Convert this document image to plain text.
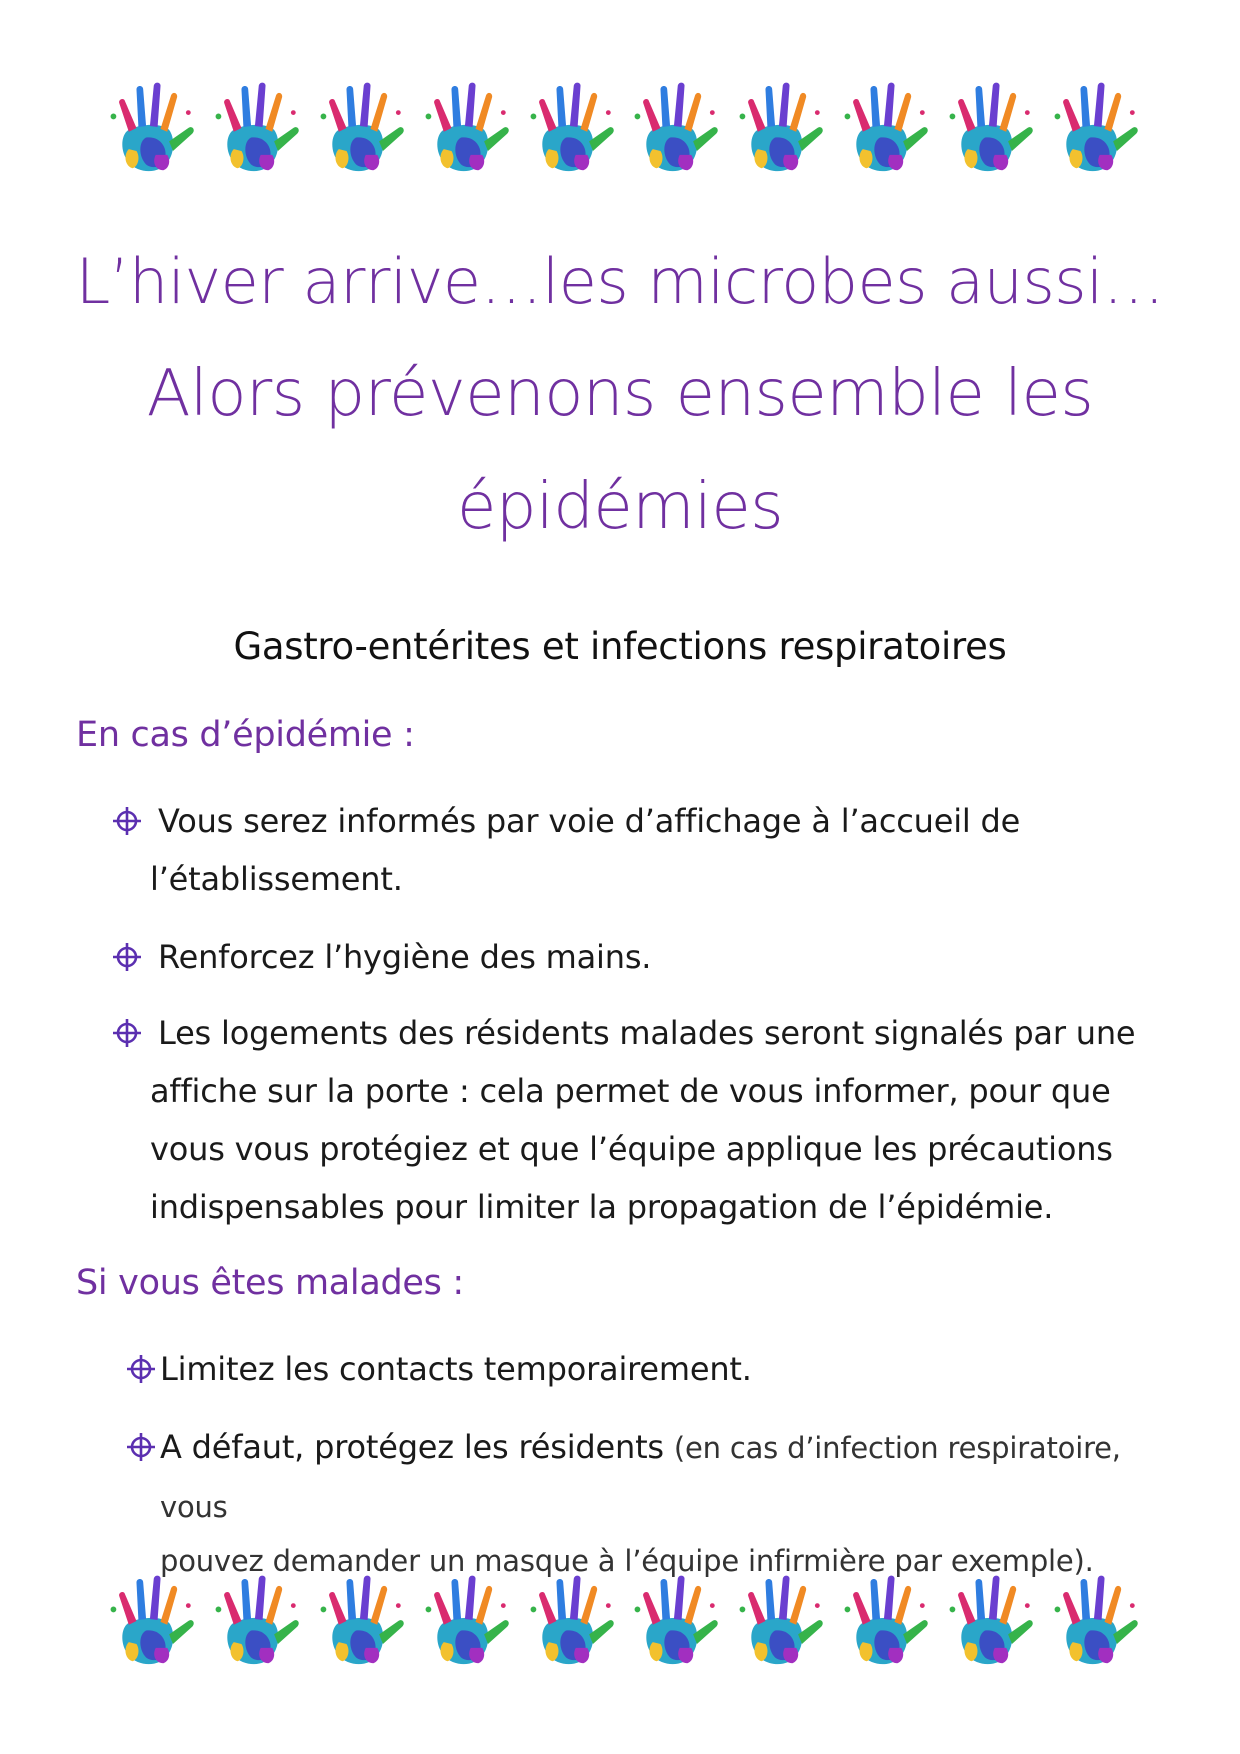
L’hiver arrive…les microbes aussi…
Alors prévenons ensemble les
épidémies
Gastro-entérites et infections respiratoires
En cas d’épidémie :
Vous serez informés par voie d’affichage à l’accueil de
l’établissement.
Renforcez l’hygiène des mains.
Les logements des résidents malades seront signalés par une
affiche sur la porte : cela permet de vous informer, pour que
vous vous protégiez et que l’équipe applique les précautions
indispensables pour limiter la propagation de l’épidémie.
Si vous êtes malades :
Limitez les contacts temporairement.
A défaut, protégez les résidents (en cas d’infection respiratoire, vous
pouvez demander un masque à l’équipe infirmière par exemple).
